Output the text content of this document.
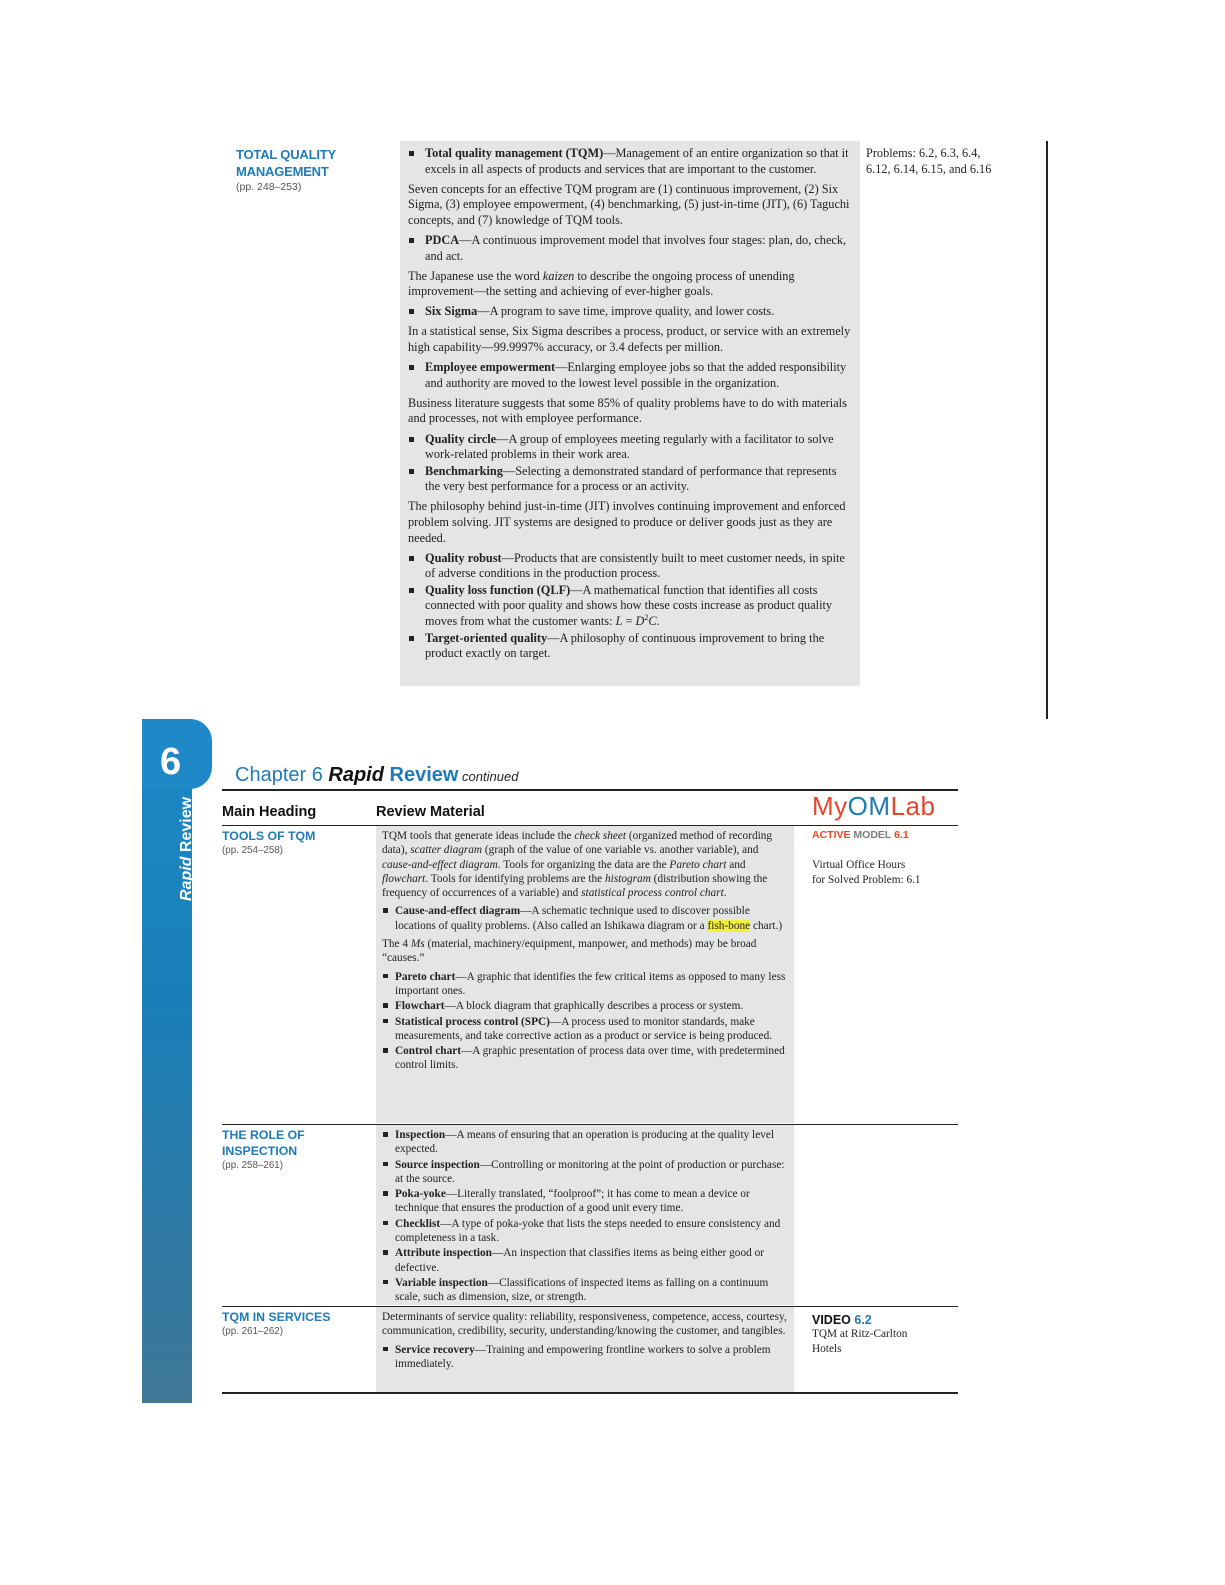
TOTAL QUALITY
MANAGEMENT
(pp. 248–253)

Total quality management (TQM)—Management of an entire organization so that it excels in all aspects of products and services that are important to the customer.

Seven concepts for an effective TQM program are (1) continuous improvement, (2) Six Sigma, (3) employee empowerment, (4) benchmarking, (5) just-in-time (JIT), (6) Taguchi concepts, and (7) knowledge of TQM tools.

PDCA—A continuous improvement model that involves four stages: plan, do, check, and act.

The Japanese use the word kaizen to describe the ongoing process of unending improvement—the setting and achieving of ever-higher goals.

Six Sigma—A program to save time, improve quality, and lower costs.

In a statistical sense, Six Sigma describes a process, product, or service with an extremely high capability—99.9997% accuracy, or 3.4 defects per million.

Employee empowerment—Enlarging employee jobs so that the added responsibility and authority are moved to the lowest level possible in the organization.

Business literature suggests that some 85% of quality problems have to do with materials and processes, not with employee performance.

Quality circle—A group of employees meeting regularly with a facilitator to solve work-related problems in their work area.

Benchmarking—Selecting a demonstrated standard of performance that represents the very best performance for a process or an activity.

The philosophy behind just-in-time (JIT) involves continuing improvement and enforced problem solving. JIT systems are designed to produce or deliver goods just as they are needed.

Quality robust—Products that are consistently built to meet customer needs, in spite of adverse conditions in the production process.

Quality loss function (QLF)—A mathematical function that identifies all costs connected with poor quality and shows how these costs increase as product quality moves from what the customer wants: $L = D^2C$.

Target-oriented quality—A philosophy of continuous improvement to bring the product exactly on target.

Problems: 6.2, 6.3, 6.4,
6.12, 6.14, 6.15, and 6.16
6
Rapid Review
Chapter 6 Rapid Review continued
Main Heading	Review Material	MyOMLab
TOOLS OF TQM
(pp. 254–258)

TQM tools that generate ideas include the check sheet (organized method of recording data), scatter diagram (graph of the value of one variable vs. another variable), and cause-and-effect diagram. Tools for organizing the data are the Pareto chart and flowchart. Tools for identifying problems are the histogram (distribution showing the frequency of occurrences of a variable) and statistical process control chart.

Cause-and-effect diagram—A schematic technique used to discover possible locations of quality problems. (Also called an Ishikawa diagram or a fish-bone chart.)

The 4 Ms (material, machinery/equipment, manpower, and methods) may be broad “causes.”

Pareto chart—A graphic that identifies the few critical items as opposed to many less important ones.

Flowchart—A block diagram that graphically describes a process or system.

Statistical process control (SPC)—A process used to monitor standards, make measurements, and take corrective action as a product or service is being produced.

Control chart—A graphic presentation of process data over time, with predetermined control limits.

ACTIVE MODEL 6.1
Virtual Office Hours
for Solved Problem: 6.1
THE ROLE OF
INSPECTION
(pp. 258–261)

Inspection—A means of ensuring that an operation is producing at the quality level expected.

Source inspection—Controlling or monitoring at the point of production or purchase: at the source.

Poka-yoke—Literally translated, “foolproof”; it has come to mean a device or technique that ensures the production of a good unit every time.

Checklist—A type of poka-yoke that lists the steps needed to ensure consistency and completeness in a task.

Attribute inspection—An inspection that classifies items as being either good or defective.

Variable inspection—Classifications of inspected items as falling on a continuum scale, such as dimension, size, or strength.

TQM IN SERVICES
(pp. 261–262)

Determinants of service quality: reliability, responsiveness, competence, access, courtesy, communication, credibility, security, understanding/knowing the customer, and tangibles.

Service recovery—Training and empowering frontline workers to solve a problem immediately.

VIDEO 6.2
TQM at Ritz-Carlton
Hotels
